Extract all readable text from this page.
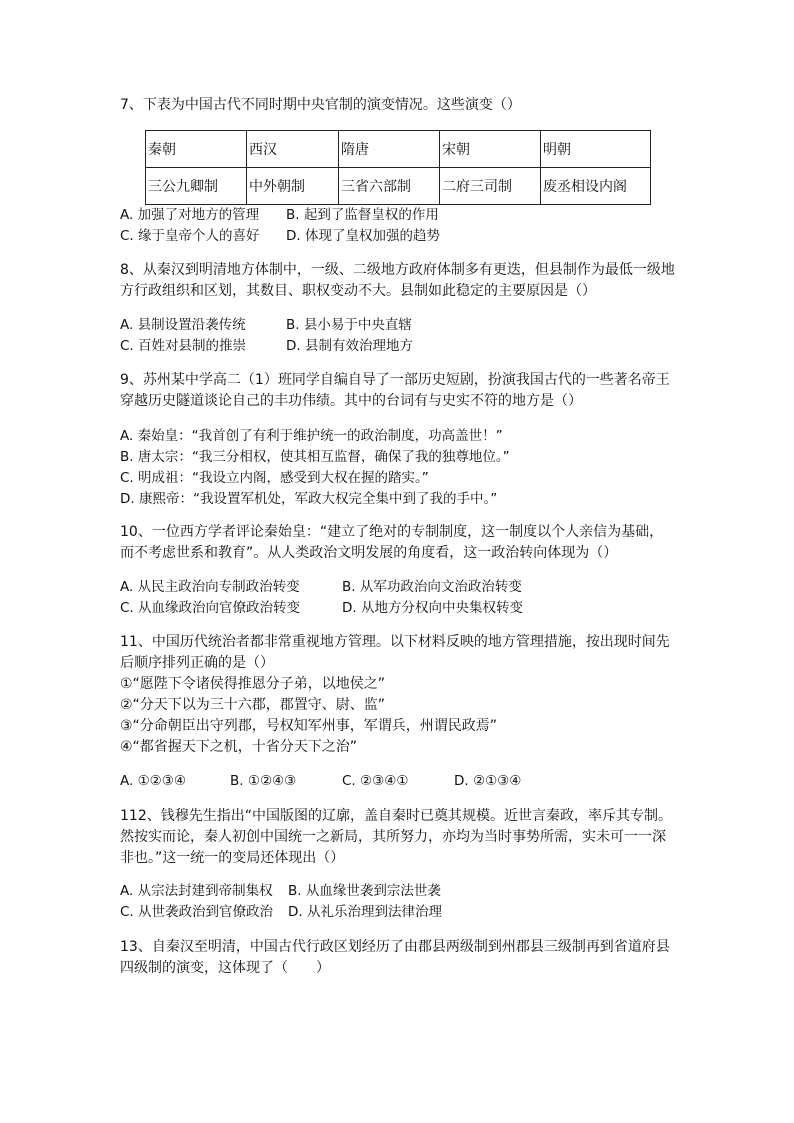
7、下表为中国古代不同时期中央官制的演变情况。这些演变（）

秦朝	西汉	隋唐	宋朝	明朝
三公九卿制	中外朝制	三省六部制	二府三司制	废丞相设内阁
A. 加强了对地方的管理 B. 起到了监督皇权的作用
C. 缘于皇帝个人的喜好 D. 体现了皇权加强的趋势

8、从秦汉到明清地方体制中，一级、二级地方政府体制多有更迭，但县制作为最低一级地

方行政组织和区划，其数目、职权变动不大。县制如此稳定的主要原因是（）

A. 县制设置沿袭传统	B. 县小易于中央直辖
C. 百姓对县制的推崇	D. 县制有效治理地方

9、苏州某中学高二（1）班同学自编自导了一部历史短剧，扮演我国古代的一些著名帝王

穿越历史隧道谈论自己的丰功伟绩。其中的台词有与史实不符的地方是（）

A. 秦始皇：“我首创了有利于维护统一的政治制度，功高盖世！”
B. 唐太宗：“我三分相权，使其相互监督，确保了我的独尊地位。”
C. 明成祖：“我设立内阁，感受到大权在握的踏实。”
D. 康熙帝：“我设置军机处，军政大权完全集中到了我的手中。”

10、一位西方学者评论秦始皇：“建立了绝对的专制制度，这一制度以个人亲信为基础，

而不考虑世系和教育”。从人类政治文明发展的角度看，这一政治转向体现为（）

A. 从民主政治向专制政治转变	B. 从军功政治向文治政治转变
C. 从血缘政治向官僚政治转变	D. 从地方分权向中央集权转变

11、中国历代统治者都非常重视地方管理。以下材料反映的地方管理措施，按出现时间先

后顺序排列正确的是（）

①“愿陛下令诸侯得推恩分子弟，以地侯之”

②“分天下以为三十六郡，郡置守、尉、监”

③“分命朝臣出守列郡，号权知军州事，军谓兵，州谓民政焉”

④“都省握天下之机，十省分天下之治”

A. ①②③④	B. ①②④③	C. ②③④①	D. ②①③④

112、钱穆先生指出“中国版图的辽廓，盖自秦时已奠其规模。近世言秦政，率斥其专制。

然按实而论，秦人初创中国统一之新局，其所努力，亦均为当时事势所需，实未可一一深

非也。”这一统一的变局还体现出（）

A. 从宗法封建到帝制集权 B. 从血缘世袭到宗法世袭
C. 从世袭政治到官僚政治 D. 从礼乐治理到法律治理

13、自秦汉至明清，中国古代行政区划经历了由郡县两级制到州郡县三级制再到省道府县

四级制的演变，这体现了（　　）
